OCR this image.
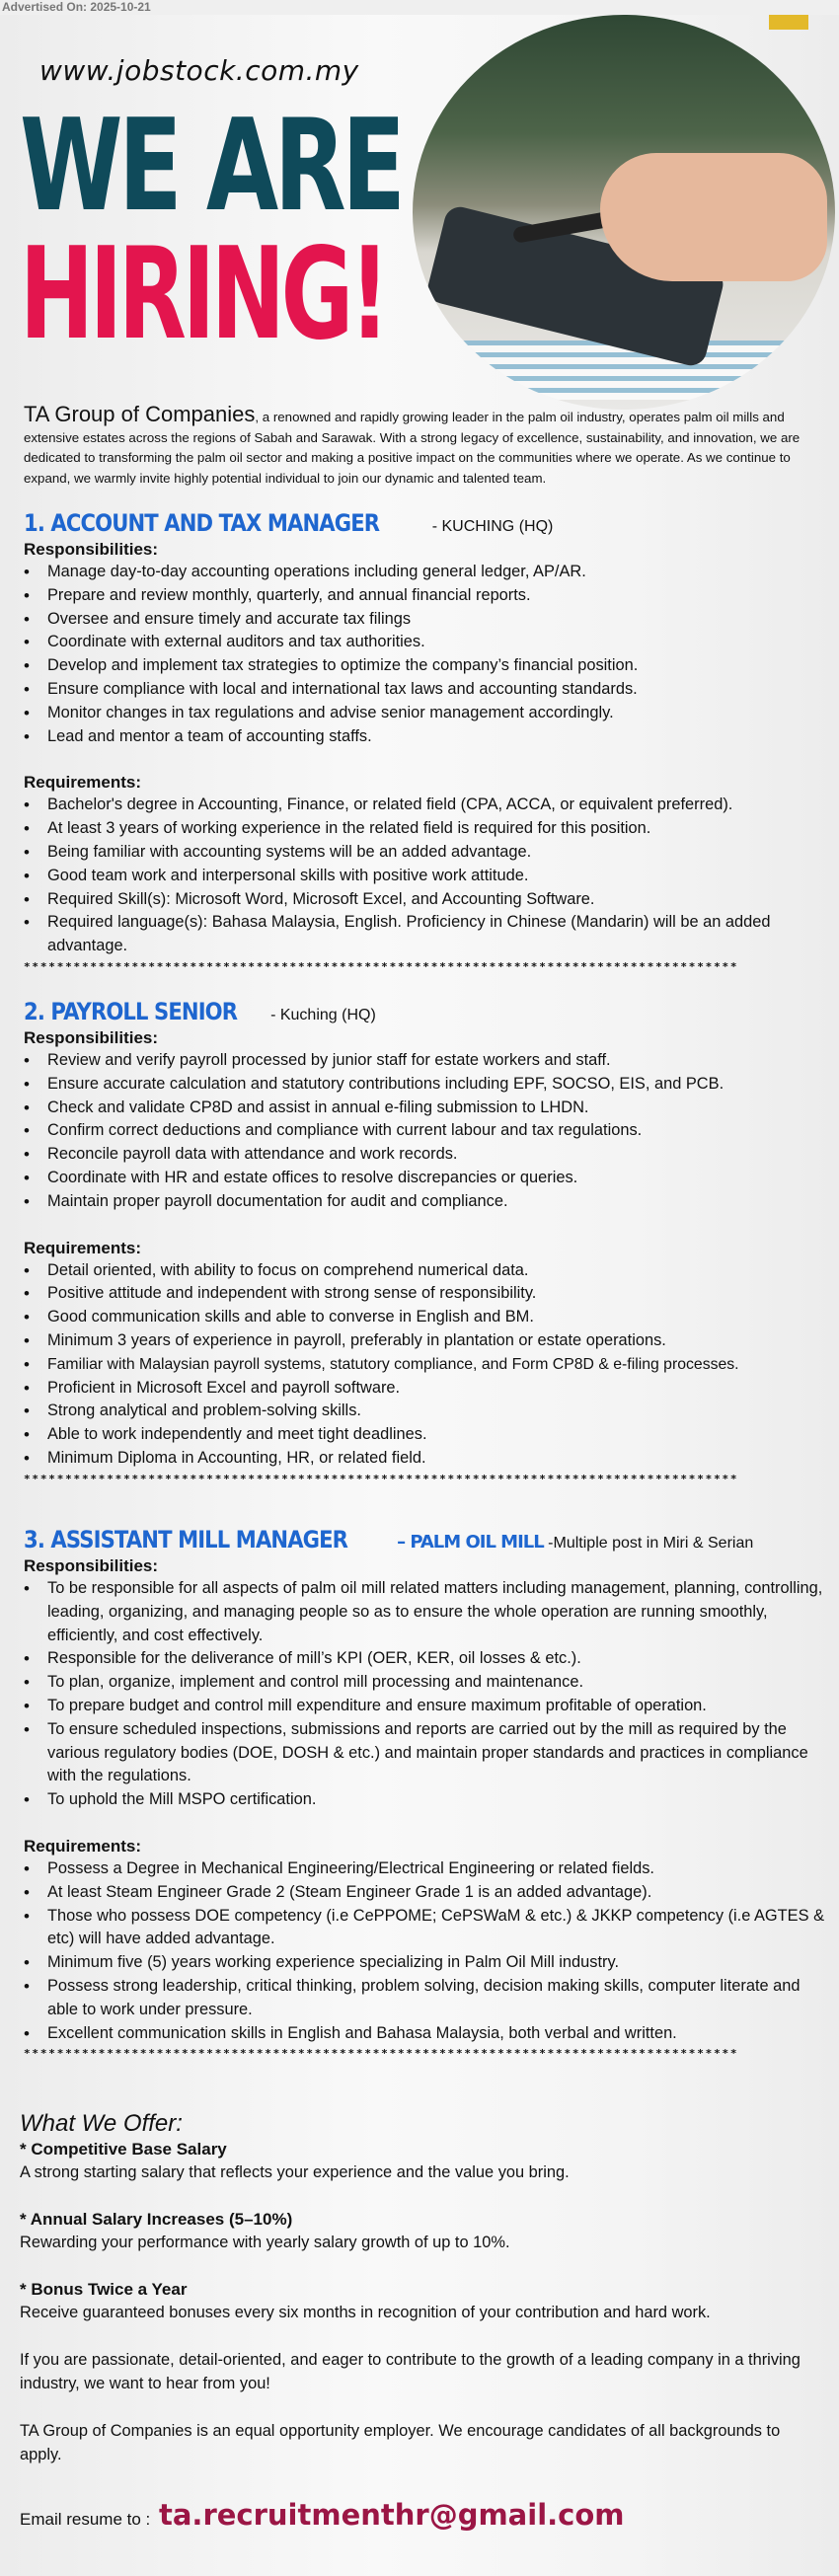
Advertised On: 2025-10-21
www.jobstock.com.my
WE ARE
HIRING!
TA Group of Companies, a renowned and rapidly growing leader in the palm oil industry, operates palm oil mills and extensive estates across the regions of Sabah and Sarawak. With a strong legacy of excellence, sustainability, and innovation, we are dedicated to transforming the palm oil sector and making a positive impact on the communities where we operate. As we continue to expand, we warmly invite highly potential individual to join our dynamic and talented team.
1. ACCOUNT AND TAX MANAGER	- KUCHING (HQ)
Responsibilities:
• Manage day-to-day accounting operations including general ledger, AP/AR.
• Prepare and review monthly, quarterly, and annual financial reports.
• Oversee and ensure timely and accurate tax filings
• Coordinate with external auditors and tax authorities.
• Develop and implement tax strategies to optimize the company’s financial position.
• Ensure compliance with local and international tax laws and accounting standards.
• Monitor changes in tax regulations and advise senior management accordingly.
• Lead and mentor a team of accounting staffs.
Requirements:
• Bachelor's degree in Accounting, Finance, or related field (CPA, ACCA, or equivalent preferred).
• At least 3 years of working experience in the related field is required for this position.
• Being familiar with accounting systems will be an added advantage.
• Good team work and interpersonal skills with positive work attitude.
• Required Skill(s): Microsoft Word, Microsoft Excel, and Accounting Software.
• Required language(s): Bahasa Malaysia, English. Proficiency in Chinese (Mandarin) will be an added advantage.
**************************************************************************************
2. PAYROLL SENIOR - Kuching (HQ)
Responsibilities:
• Review and verify payroll processed by junior staff for estate workers and staff.
• Ensure accurate calculation and statutory contributions including EPF, SOCSO, EIS, and PCB.
• Check and validate CP8D and assist in annual e-filing submission to LHDN.
• Confirm correct deductions and compliance with current labour and tax regulations.
• Reconcile payroll data with attendance and work records.
• Coordinate with HR and estate offices to resolve discrepancies or queries.
• Maintain proper payroll documentation for audit and compliance.
Requirements:
• Detail oriented, with ability to focus on comprehend numerical data.
• Positive attitude and independent with strong sense of responsibility.
• Good communication skills and able to converse in English and BM.
• Minimum 3 years of experience in payroll, preferably in plantation or estate operations.
• Familiar with Malaysian payroll systems, statutory compliance, and Form CP8D & e-filing processes.
• Proficient in Microsoft Excel and payroll software.
• Strong analytical and problem-solving skills.
• Able to work independently and meet tight deadlines.
• Minimum Diploma in Accounting, HR, or related field.
**************************************************************************************
3. ASSISTANT MILL MANAGER – PALM OIL MILL -Multiple post in Miri & Serian
Responsibilities:
• To be responsible for all aspects of palm oil mill related matters including management, planning, controlling, leading, organizing, and managing people so as to ensure the whole operation are running smoothly, efficiently, and cost effectively.
• Responsible for the deliverance of mill’s KPI (OER, KER, oil losses & etc.).
• To plan, organize, implement and control mill processing and maintenance.
• To prepare budget and control mill expenditure and ensure maximum profitable of operation.
• To ensure scheduled inspections, submissions and reports are carried out by the mill as required by the various regulatory bodies (DOE, DOSH & etc.) and maintain proper standards and practices in compliance with the regulations.
• To uphold the Mill MSPO certification.
Requirements:
• Possess a Degree in Mechanical Engineering/Electrical Engineering or related fields.
• At least Steam Engineer Grade 2 (Steam Engineer Grade 1 is an added advantage).
• Those who possess DOE competency (i.e CePPOME; CePSWaM & etc.) & JKKP competency (i.e AGTES & etc) will have added advantage.
• Minimum five (5) years working experience specializing in Palm Oil Mill industry.
• Possess strong leadership, critical thinking, problem solving, decision making skills, computer literate and able to work under pressure.
• Excellent communication skills in English and Bahasa Malaysia, both verbal and written.
**************************************************************************************
What We Offer:
* Competitive Base Salary

A strong starting salary that reflects your experience and the value you bring.

* Annual Salary Increases (5–10%)

Rewarding your performance with yearly salary growth of up to 10%.

* Bonus Twice a Year

Receive guaranteed bonuses every six months in recognition of your contribution and hard work.

If you are passionate, detail-oriented, and eager to contribute to the growth of a leading company in a thriving industry, we want to hear from you!

TA Group of Companies is an equal opportunity employer. We encourage candidates of all backgrounds to apply.

Email resume to : ta.recruitmenthr@gmail.com
